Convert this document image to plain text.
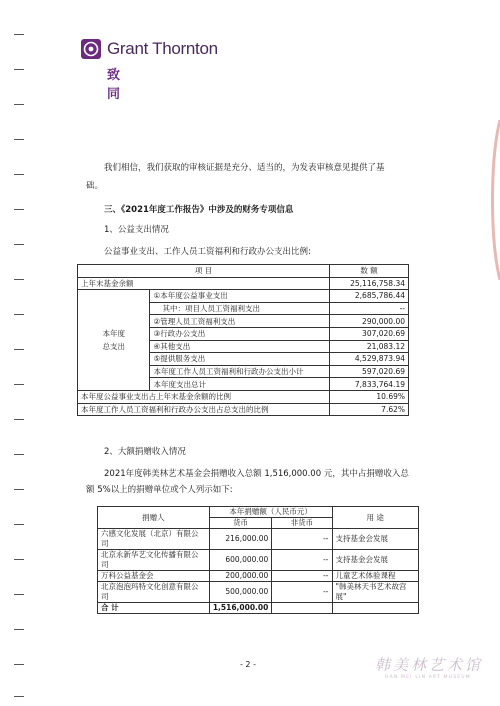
Grant Thornton
致同
我们相信，我们获取的审核证据是充分、适当的，为发表审核意见提供了基
础。
三、《2021年度工作报告》中涉及的财务专项信息
1、公益支出情况
公益事业支出、工作人员工资福利和行政办公支出比例:
项 目		数 额
上年末基金余额		25,116,758.34
本年度
总支出	①本年度公益事业支出	2,685,786.44
	其中：项目人员工资福利支出	--
	②管理人员工资福利支出	290,000.00
	③行政办公支出	307,020.69
	④其他支出	21,083.12
	⑤提供服务支出	4,529,873.94
	本年度工作人员工资福利和行政办公支出小计	597,020.69
	本年度支出总计	7,833,764.19
本年度公益事业支出占上年末基金余额的比例		10.69%
本年度工作人员工资福利和行政办公支出占总支出的比例		7.62%
2、大额捐赠收入情况
2021年度韩美林艺术基金会捐赠收入总额 1,516,000.00 元，其中占捐赠收入总
额 5%以上的捐赠单位或个人列示如下:
捐赠人	本年捐赠额（人民币元）		用 途
	货币	非货币	
六感文化发展（北京）有限公司	216,000.00	--	支持基金会发展
北京永新华艺文化传播有限公司	600,000.00	--	支持基金会发展
万科公益基金会	200,000.00	--	儿童艺术体验课程
北京泡泡玛特文化创意有限公司	500,000.00	--	"韩美林天书艺术故宫展"
合 计	1,516,000.00		
- 2 -	韩美林艺术馆
HAN MEI LIN ART MUSEUM
